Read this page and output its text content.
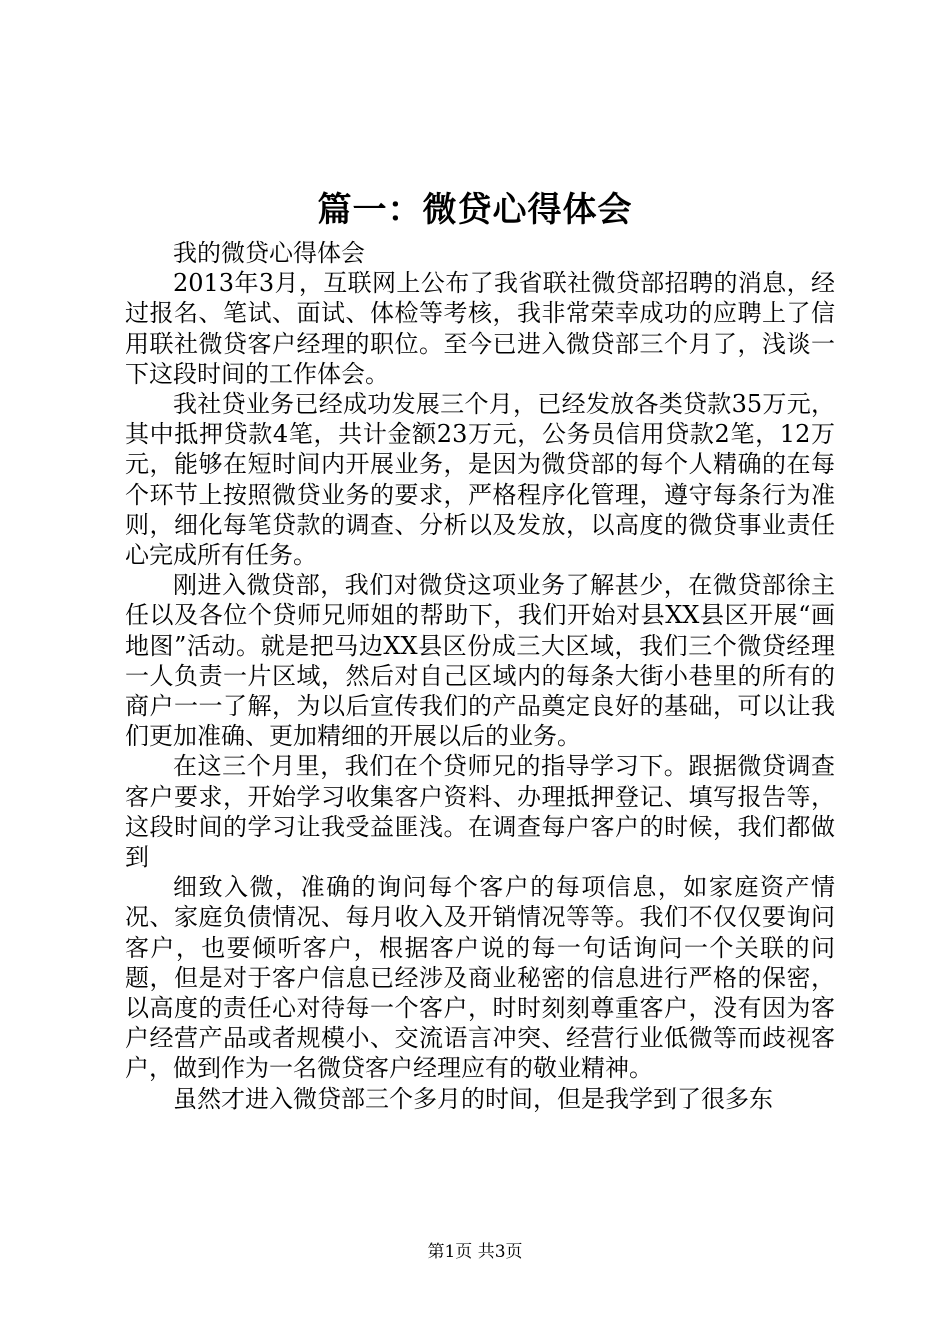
篇一：微贷心得体会

我的微贷心得体会

2013年3月，互联网上公布了我省联社微贷部招聘的消息，经过报名、笔试、面试、体检等考核，我非常荣幸成功的应聘上了信用联社微贷客户经理的职位。至今已进入微贷部三个月了，浅谈一下这段时间的工作体会。

我社贷业务已经成功发展三个月，已经发放各类贷款35万元，其中抵押贷款4笔，共计金额23万元，公务员信用贷款2笔，12万元，能够在短时间内开展业务，是因为微贷部的每个人精确的在每个环节上按照微贷业务的要求，严格程序化管理，遵守每条行为准则，细化每笔贷款的调查、分析以及发放，以高度的微贷事业责任心完成所有任务。

刚进入微贷部，我们对微贷这项业务了解甚少，在微贷部徐主任以及各位个贷师兄师姐的帮助下，我们开始对县XX县区开展“画地图”活动。就是把马边XX县区份成三大区域，我们三个微贷经理一人负责一片区域，然后对自己区域内的每条大街小巷里的所有的商户一一了解，为以后宣传我们的产品奠定良好的基础，可以让我们更加准确、更加精细的开展以后的业务。

在这三个月里，我们在个贷师兄的指导学习下。跟据微贷调查客户要求，开始学习收集客户资料、办理抵押登记、填写报告等，这段时间的学习让我受益匪浅。在调查每户客户的时候，我们都做到

细致入微，准确的询问每个客户的每项信息，如家庭资产情况、家庭负债情况、每月收入及开销情况等等。我们不仅仅要询问客户，也要倾听客户，根据客户说的每一句话询问一个关联的问题，但是对于客户信息已经涉及商业秘密的信息进行严格的保密，以高度的责任心对待每一个客户，时时刻刻尊重客户，没有因为客户经营产品或者规模小、交流语言冲突、经营行业低微等而歧视客户，做到作为一名微贷客户经理应有的敬业精神。

虽然才进入微贷部三个多月的时间，但是我学到了很多东

第1页 共3页
